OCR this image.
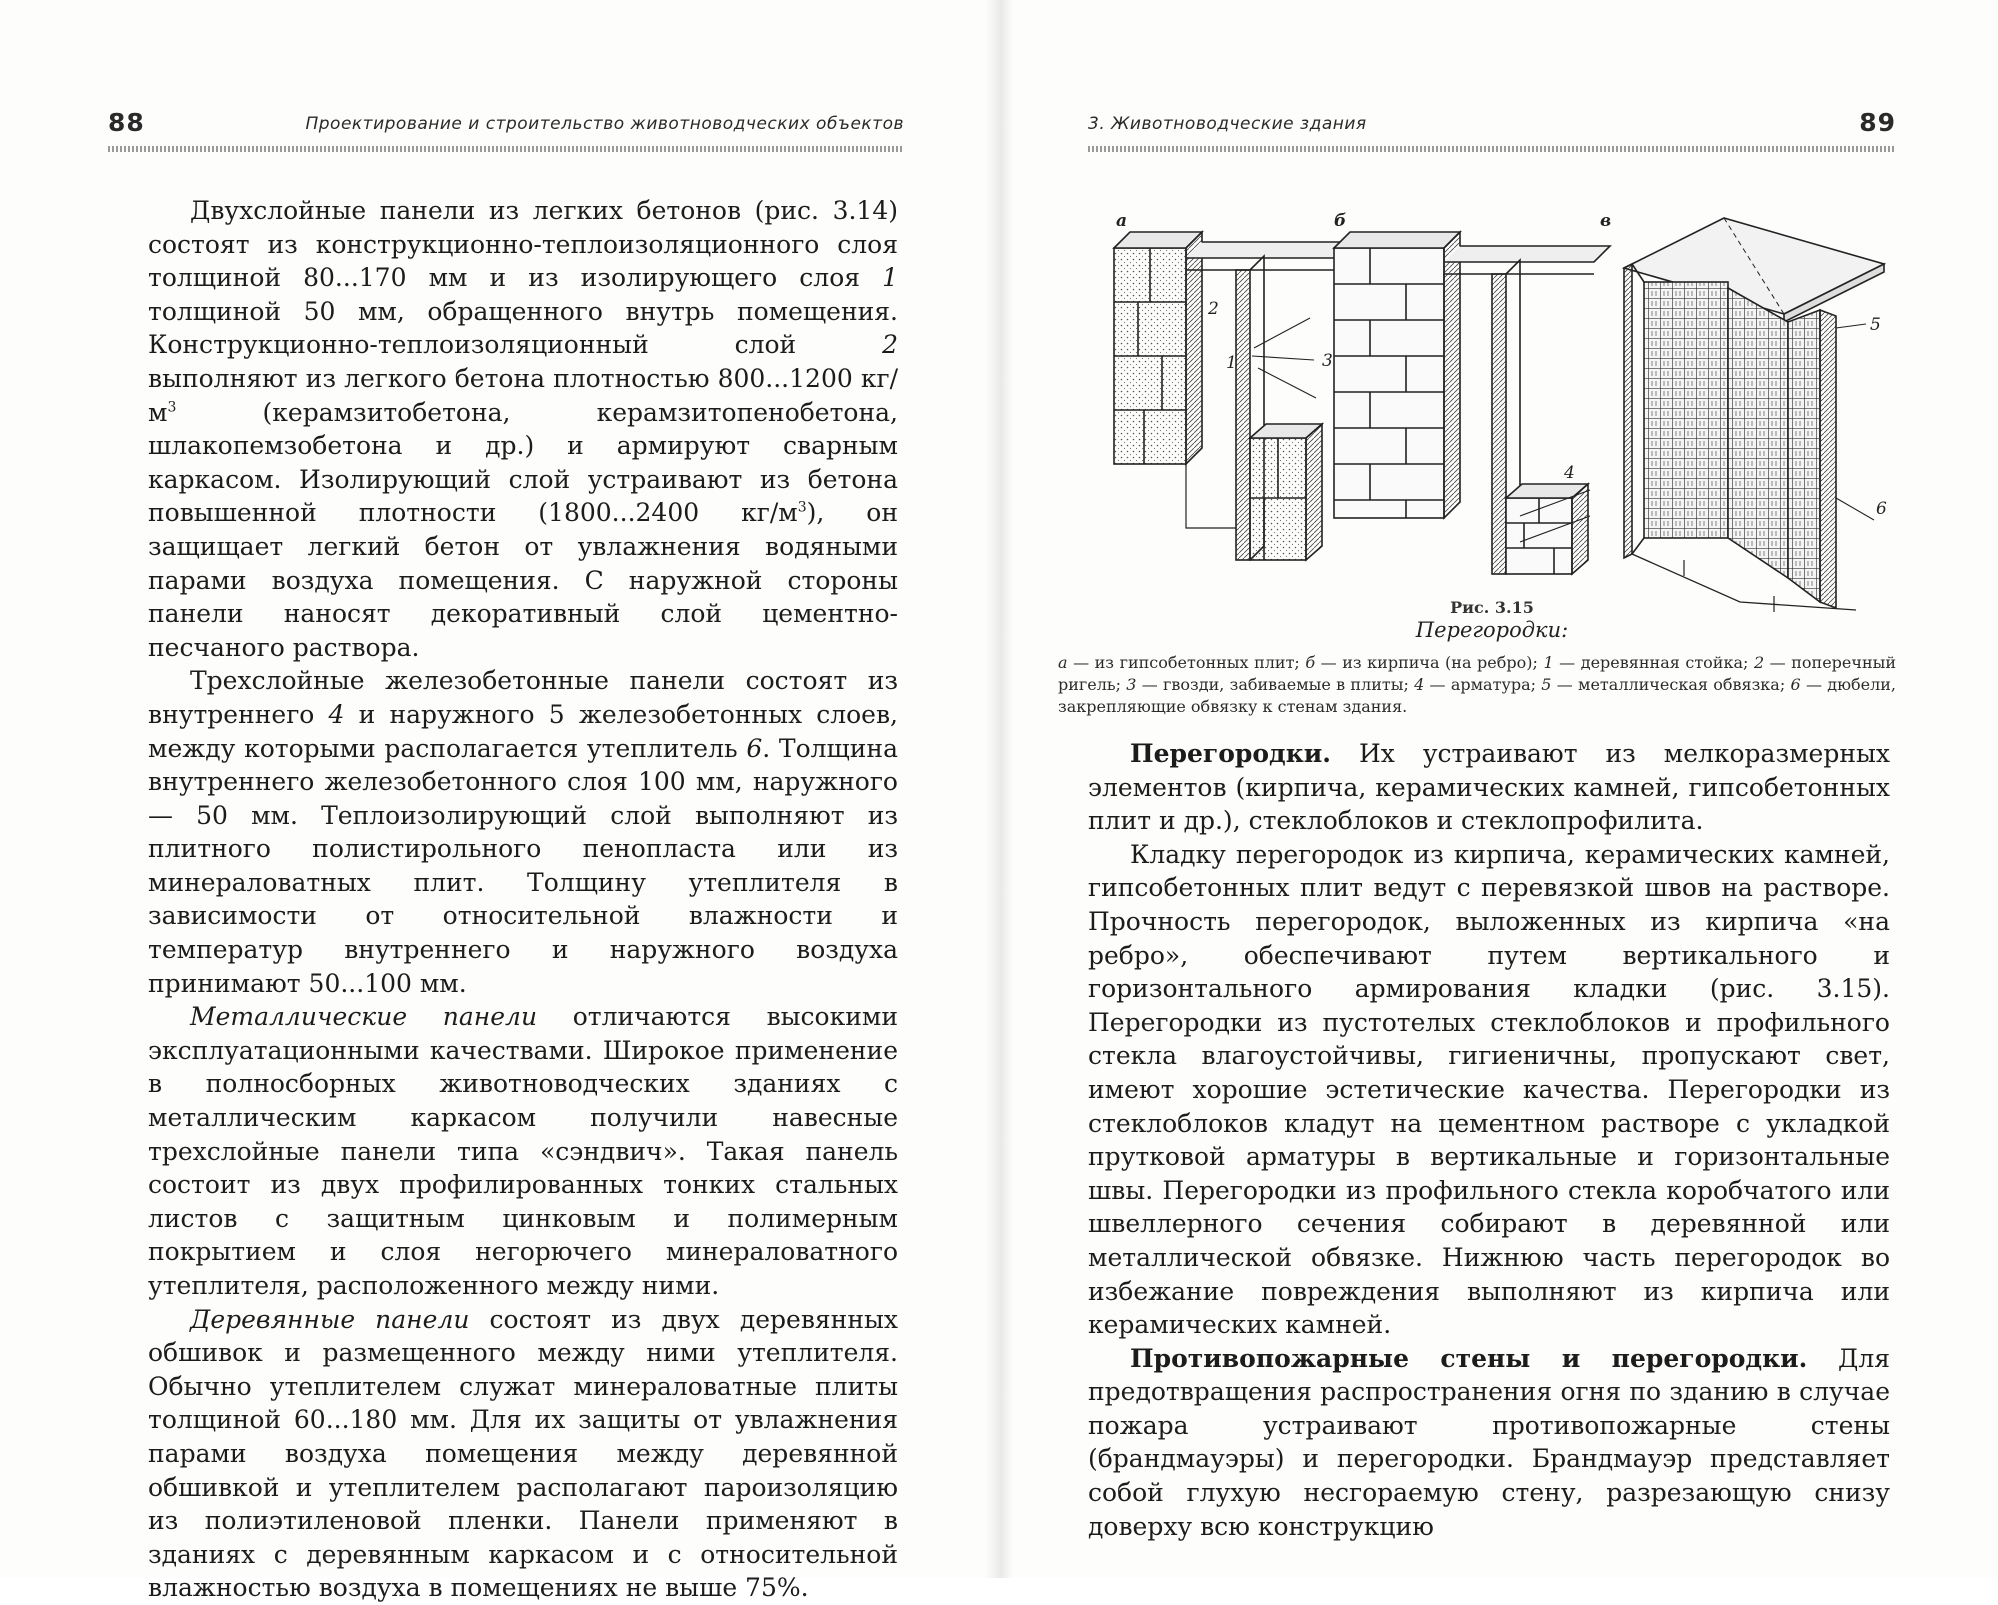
88	Проектирование и строительство животноводческих объектов

Двухслойные панели из легких бетонов (рис. 3.14) состоят из конструкционно-теплоизоляционного слоя толщиной 80...170 мм и из изолирующего слоя 1 толщиной 50 мм, обращенного внутрь помещения. Конструкционно-теплоизоляционный слой 2 выполняют из легкого бетона плотностью 800...1200 $кг/м^3$ (керамзитобетона, керамзитопенобетона, шлакопемзобетона и др.) и армируют сварным каркасом. Изолирующий слой устраивают из бетона повышенной плотности (1800...2400 $кг/м^3$), он защищает легкий бетон от увлажнения водяными парами воздуха помещения. С наружной стороны панели наносят декоративный слой цементно-песчаного раствора.

Трехслойные железобетонные панели состоят из внутреннего 4 и наружного 5 железобетонных слоев, между которыми располагается утеплитель 6. Толщина внутреннего железобетонного слоя 100 мм, наружного — 50 мм. Теплоизолирующий слой выполняют из плитного полистирольного пенопласта или из минераловатных плит. Толщину утеплителя в зависимости от относительной влажности и температур внутреннего и наружного воздуха принимают 50...100 мм.

Металлические панели отличаются высокими эксплуатационными качествами. Широкое применение в полносборных животноводческих зданиях с металлическим каркасом получили навесные трехслойные панели типа «сэндвич». Такая панель состоит из двух профилированных тонких стальных листов с защитным цинковым и полимерным покрытием и слоя негорючего минераловатного утеплителя, расположенного между ними.

Деревянные панели состоят из двух деревянных обшивок и размещенного между ними утеплителя. Обычно утеплителем служат минераловатные плиты толщиной 60...180 мм. Для их защиты от увлажнения парами воздуха помещения между деревянной обшивкой и утеплителем располагают пароизоляцию из полиэтиленовой пленки. Панели применяют в зданиях с деревянным каркасом и с относительной влажностью воздуха в помещениях не выше 75%.

3. Животноводческие здания	89
а
1
2
3
б
4
в
5
6
Рис. 3.15
Перегородки:
а — из гипсобетонных плит; б — из кирпича (на ребро); 1 — деревянная стойка; 2 — поперечный ригель; 3 — гвозди, забиваемые в плиты; 4 — арматура; 5 — металлическая обвязка; 6 — дюбели, закрепляющие обвязку к стенам здания.

Перегородки. Их устраивают из мелкоразмерных элементов (кирпича, керамических камней, гипсобетонных плит и др.), стеклоблоков и стеклопрофилита.

Кладку перегородок из кирпича, керамических камней, гипсобетонных плит ведут с перевязкой швов на растворе. Прочность перегородок, выложенных из кирпича «на ребро», обеспечивают путем вертикального и горизонтального армирования кладки (рис. 3.15). Перегородки из пустотелых стеклоблоков и профильного стекла влагоустойчивы, гигиеничны, пропускают свет, имеют хорошие эстетические качества. Перегородки из стеклоблоков кладут на цементном растворе с укладкой прутковой арматуры в вертикальные и горизонтальные швы. Перегородки из профильного стекла коробчатого или швеллерного сечения собирают в деревянной или металлической обвязке. Нижнюю часть перегородок во избежание повреждения выполняют из кирпича или керамических камней.

Противопожарные стены и перегородки. Для предотвращения распространения огня по зданию в случае пожара устраивают противопожарные стены (брандмауэры) и перегородки. Брандмауэр представляет собой глухую несгораемую стену, разрезающую снизу доверху всю конструкцию
